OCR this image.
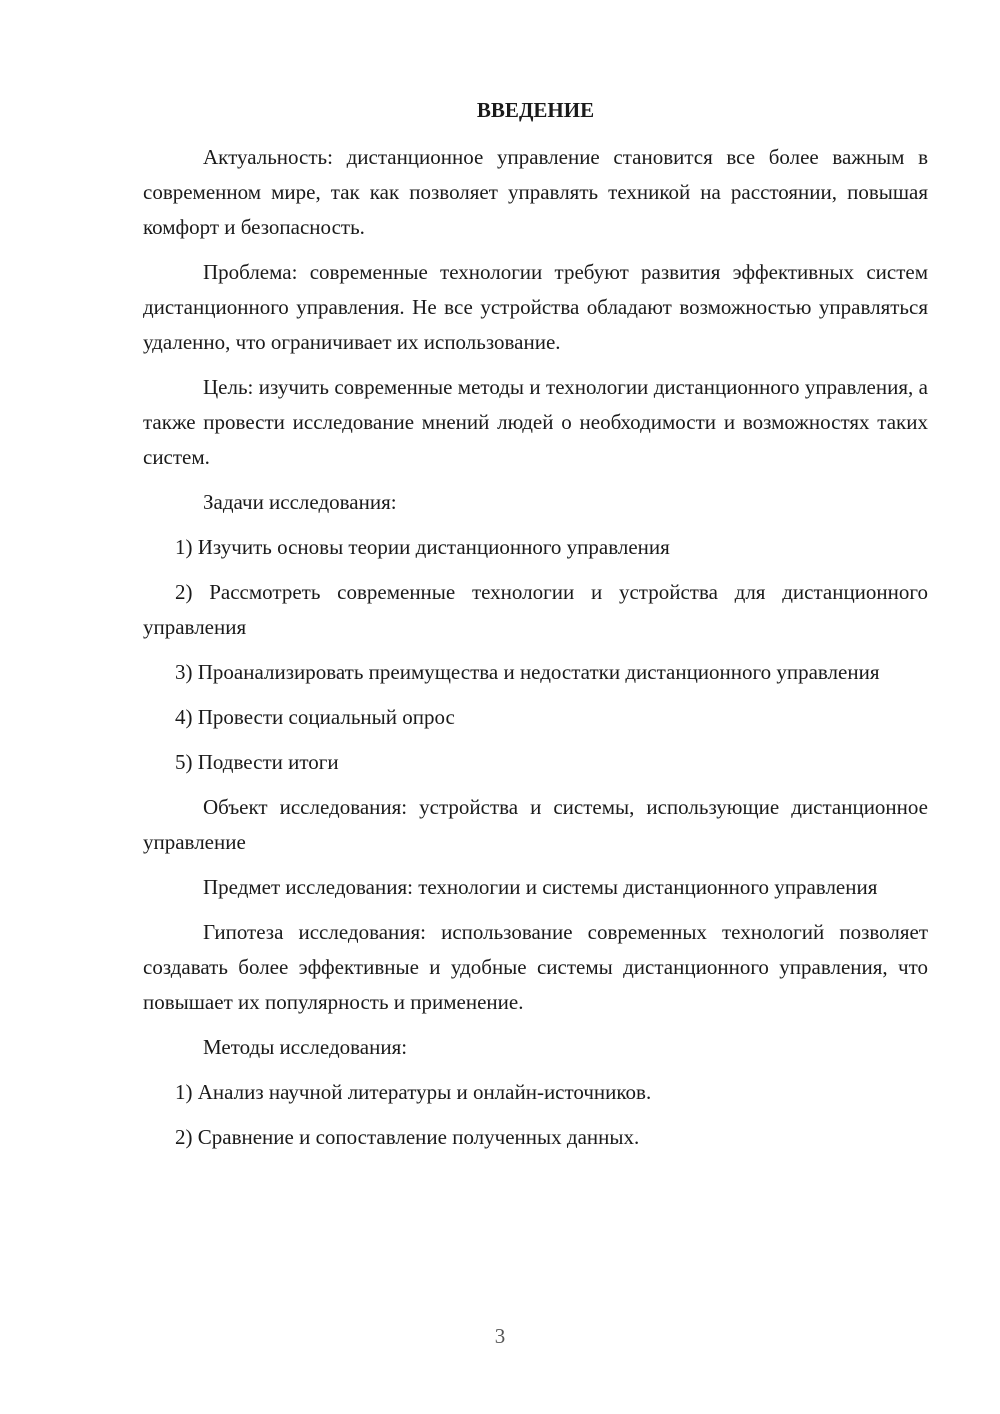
ВВЕДЕНИЕ
Актуальность: дистанционное управление становится все более важным в современном мире, так как позволяет управлять техникой на расстоянии, повышая комфорт и безопасность.
Проблема: современные технологии требуют развития эффективных систем дистанционного управления. Не все устройства обладают возможностью управляться удаленно, что ограничивает их использование.
Цель: изучить современные методы и технологии дистанционного управления, а также провести исследование мнений людей о необходимости и возможностях таких систем.
Задачи исследования:
1) Изучить основы теории дистанционного управления
2) Рассмотреть современные технологии и устройства для дистанционного управления
3) Проанализировать преимущества и недостатки дистанционного управления
4) Провести социальный опрос
5) Подвести итоги
Объект исследования: устройства и системы, использующие дистанционное управление
Предмет исследования: технологии и системы дистанционного управления
Гипотеза исследования: использование современных технологий позволяет создавать более эффективные и удобные системы дистанционного управления, что повышает их популярность и применение.
Методы исследования:
1) Анализ научной литературы и онлайн-источников.
2) Сравнение и сопоставление полученных данных.
3
